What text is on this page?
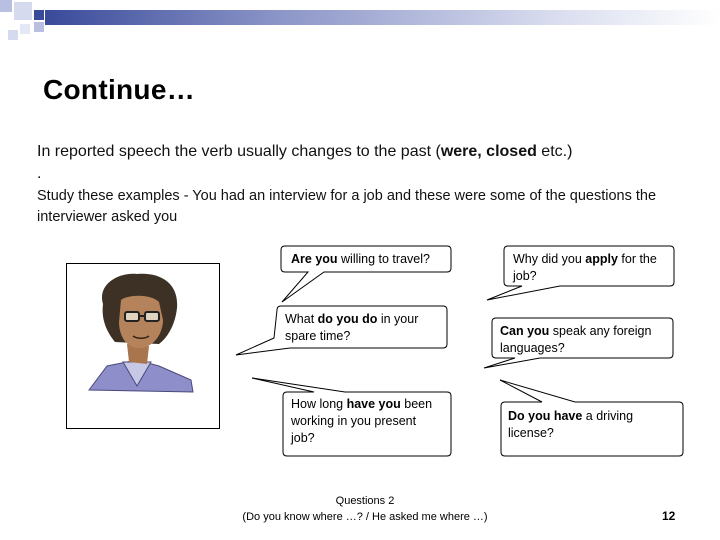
Continue…

In reported speech the verb usually changes to the past (were, closed etc.)

.

Study these examples - You had an interview for a job and these were some of the questions the interviewer asked you

Are you willing to travel?	Why did you apply for the job?
What do you do in your spare time?	Can you speak any foreign languages?
How long have you been working in you present job?
Do you have a driving license?

Questions 2

(Do you know where …? / He asked me where …)	12
